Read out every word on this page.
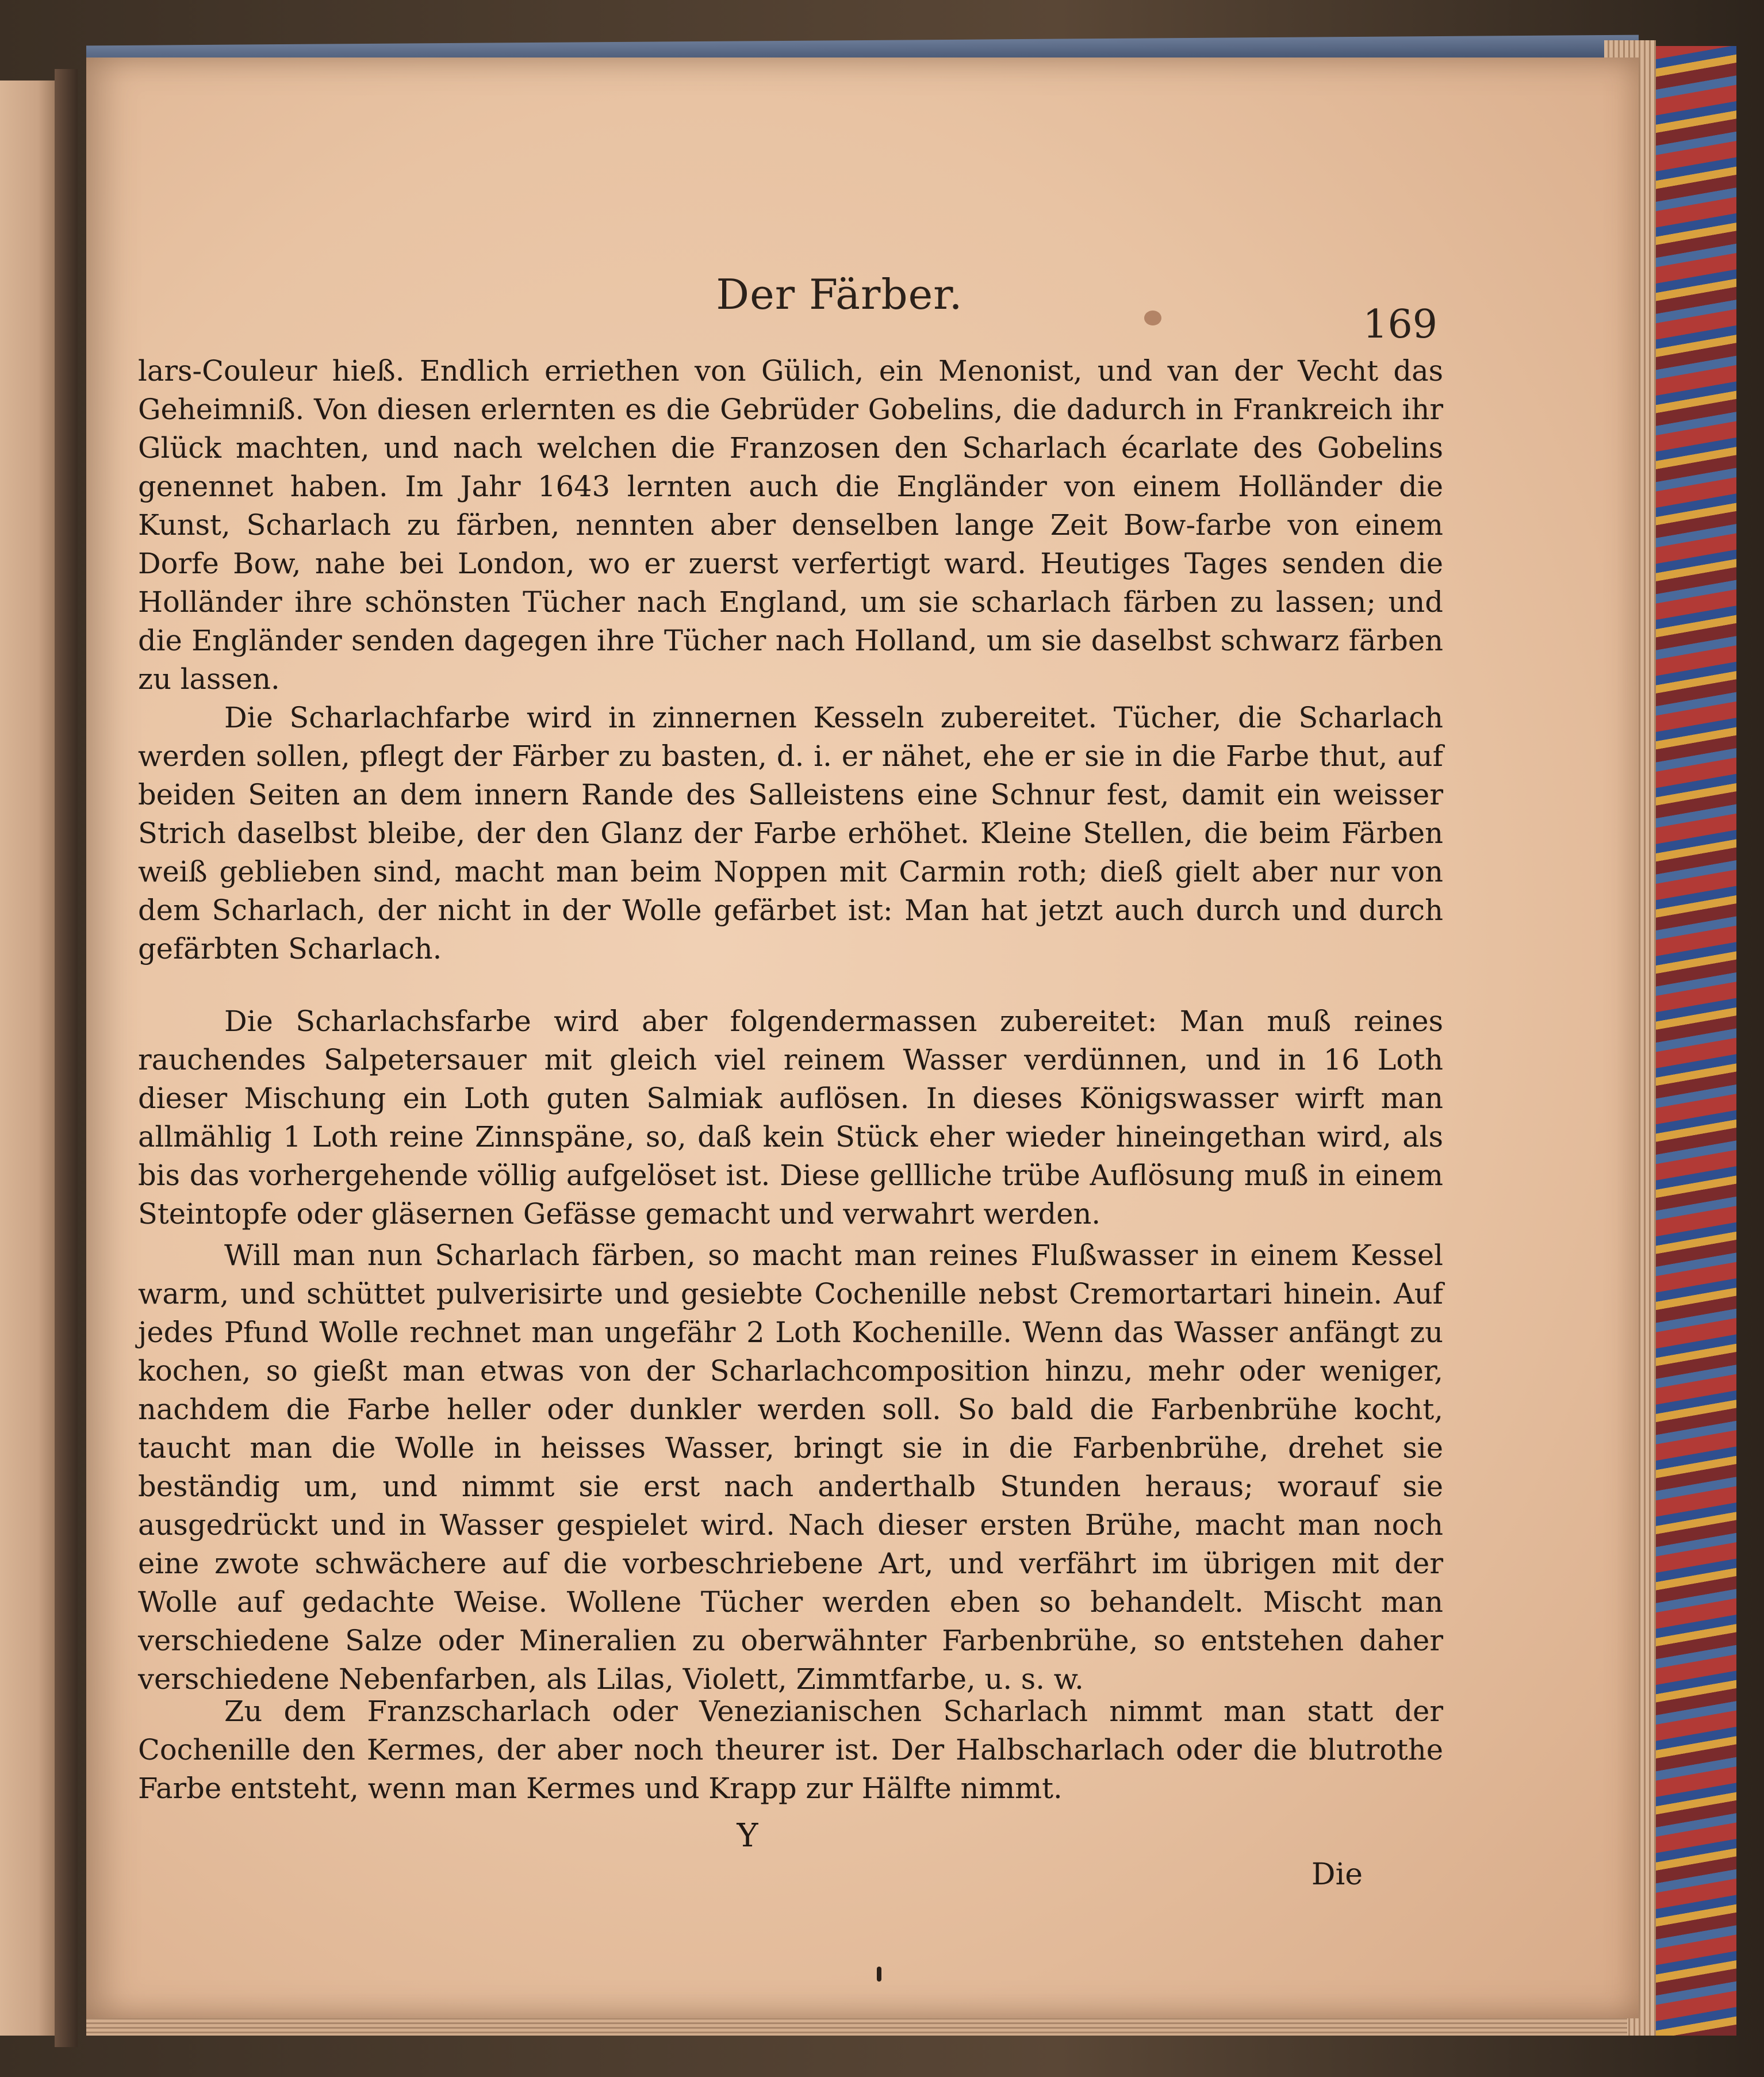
Der Färber.
169
lars-Couleur hieß. Endlich erriethen von Gülich, ein Menonist, und van der Vecht das Geheimniß. Von diesen erlernten es die Gebrüder Gobelins, die dadurch in Frankreich ihr Glück machten, und nach welchen die Franzosen den Scharlach écarlate des Gobelins genennet haben. Im Jahr 1643 lernten auch die Engländer von einem Holländer die Kunst, Scharlach zu färben, nennten aber denselben lange Zeit Bow-farbe von einem Dorfe Bow, nahe bei London, wo er zuerst verfertigt ward. Heutiges Tages senden die Holländer ihre schönsten Tücher nach England, um sie scharlach färben zu lassen; und die Engländer senden dagegen ihre Tücher nach Holland, um sie daselbst schwarz färben zu lassen.
Die Scharlachfarbe wird in zinnernen Kesseln zubereitet. Tücher, die Scharlach werden sollen, pflegt der Färber zu basten, d. i. er nähet, ehe er sie in die Farbe thut, auf beiden Seiten an dem innern Rande des Salleistens eine Schnur fest, damit ein weisser Strich daselbst bleibe, der den Glanz der Farbe erhöhet. Kleine Stellen, die beim Färben weiß geblieben sind, macht man beim Noppen mit Carmin roth; dieß gielt aber nur von dem Scharlach, der nicht in der Wolle gefärbet ist: Man hat jetzt auch durch und durch gefärbten Scharlach.
Die Scharlachsfarbe wird aber folgendermassen zubereitet: Man muß reines rauchendes Salpetersauer mit gleich viel reinem Wasser verdünnen, und in 16 Loth dieser Mischung ein Loth guten Salmiak auflösen. In dieses Königswasser wirft man allmählig 1 Loth reine Zinnspäne, so, daß kein Stück eher wieder hineingethan wird, als bis das vorhergehende völlig aufgelöset ist. Diese gellliche trübe Auflösung muß in einem Steintopfe oder gläsernen Gefässe gemacht und verwahrt werden.
Will man nun Scharlach färben, so macht man reines Flußwasser in einem Kessel warm, und schüttet pulverisirte und gesiebte Cochenille nebst Cremortartari hinein. Auf jedes Pfund Wolle rechnet man ungefähr 2 Loth Kochenille. Wenn das Wasser anfängt zu kochen, so gießt man etwas von der Scharlachcomposition hinzu, mehr oder weniger, nachdem die Farbe heller oder dunkler werden soll. So bald die Farbenbrühe kocht, taucht man die Wolle in heisses Wasser, bringt sie in die Farbenbrühe, drehet sie beständig um, und nimmt sie erst nach anderthalb Stunden heraus; worauf sie ausgedrückt und in Wasser gespielet wird. Nach dieser ersten Brühe, macht man noch eine zwote schwächere auf die vorbeschriebene Art, und verfährt im übrigen mit der Wolle auf gedachte Weise. Wollene Tücher werden eben so behandelt. Mischt man verschiedene Salze oder Mineralien zu oberwähnter Farbenbrühe, so entstehen daher verschiedene Nebenfarben, als Lilas, Violett, Zimmtfarbe, u. s. w.
Zu dem Franzscharlach oder Venezianischen Scharlach nimmt man statt der Cochenille den Kermes, der aber noch theurer ist. Der Halbscharlach oder die blutrothe Farbe entsteht, wenn man Kermes und Krapp zur Hälfte nimmt.
Y
Die
